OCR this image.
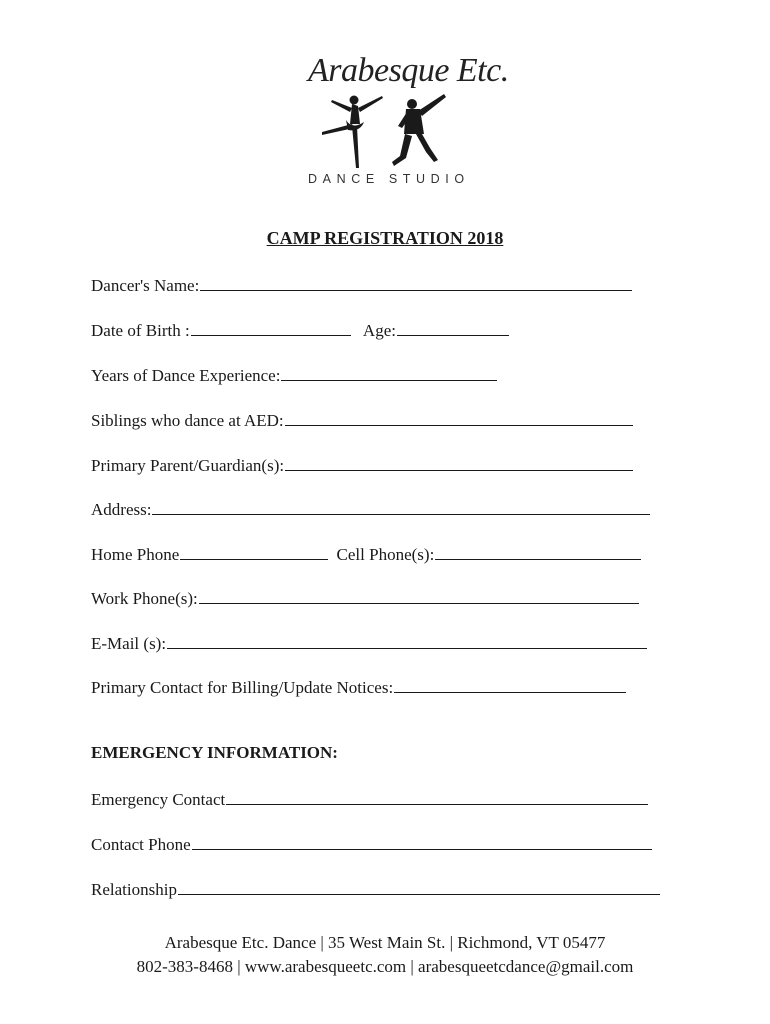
Arabesque Etc.
DANCE STUDIO
CAMP REGISTRATION 2018
Dancer's Name:
Date of Birth :	Age:
Years of Dance Experience:
Siblings who dance at AED:
Primary Parent/Guardian(s):
Address:
Home Phone	Cell Phone(s):
Work Phone(s):
E-Mail (s):
Primary Contact for Billing/Update Notices:
EMERGENCY INFORMATION:
Emergency Contact
Contact Phone
Relationship
Arabesque Etc. Dance | 35 West Main St. | Richmond, VT 05477
802-383-8468 | www.arabesqueetc.com | arabesqueetcdance@gmail.com
